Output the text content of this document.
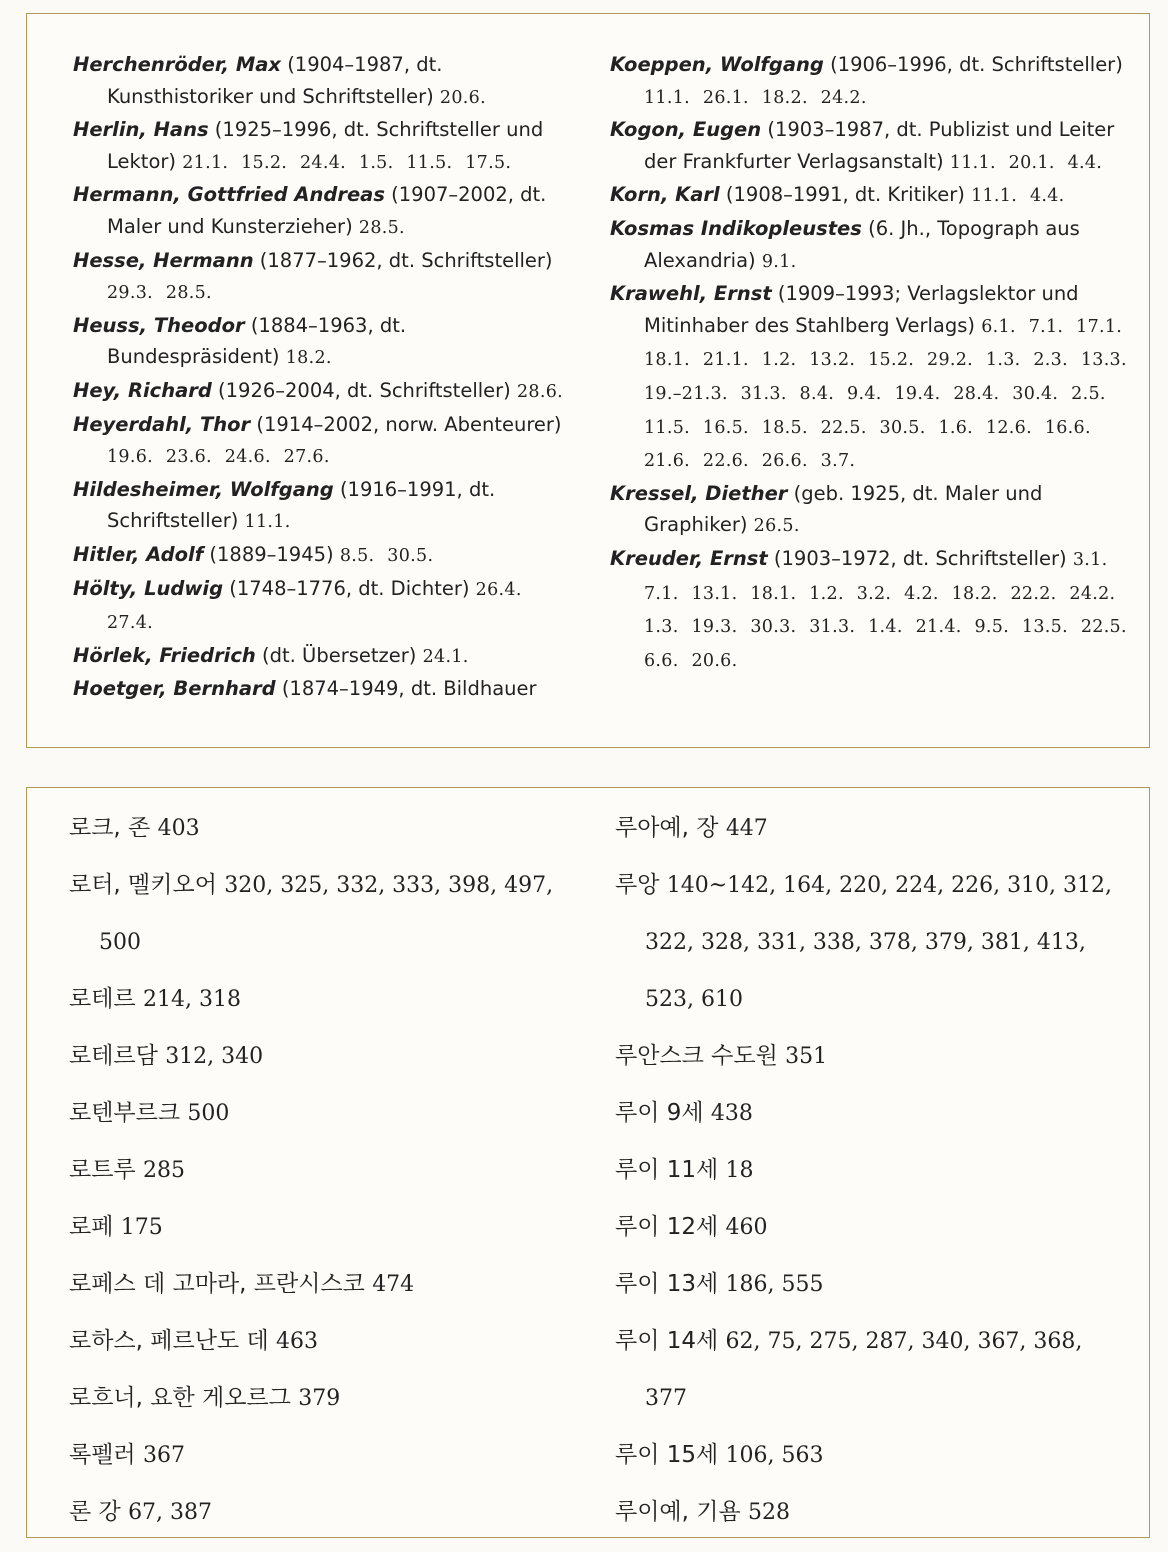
Herchenröder, Max (1904–1987, dt. Kunsthistoriker und Schriftsteller) 20.6.

Herlin, Hans (1925–1996, dt. Schriftsteller und Lektor) 21.1. 15.2. 24.4. 1.5. 11.5. 17.5.

Hermann, Gottfried Andreas (1907–2002, dt. Maler und Kunsterzieher) 28.5.

Hesse, Hermann (1877–1962, dt. Schriftsteller) 29.3. 28.5.

Heuss, Theodor (1884–1963, dt. Bundespräsident) 18.2.

Hey, Richard (1926–2004, dt. Schriftsteller) 28.6.

Heyerdahl, Thor (1914–2002, norw. Abenteurer) 19.6. 23.6. 24.6. 27.6.

Hildesheimer, Wolfgang (1916–1991, dt. Schriftsteller) 11.1.

Hitler, Adolf (1889–1945) 8.5. 30.5.

Hölty, Ludwig (1748–1776, dt. Dichter) 26.4. 27.4.

Hörlek, Friedrich (dt. Übersetzer) 24.1.

Hoetger, Bernhard (1874–1949, dt. Bildhauer

Koeppen, Wolfgang (1906–1996, dt. Schriftsteller) 11.1. 26.1. 18.2. 24.2.

Kogon, Eugen (1903–1987, dt. Publizist und Leiter der Frankfurter Verlagsanstalt) 11.1. 20.1. 4.4.

Korn, Karl (1908–1991, dt. Kritiker) 11.1. 4.4.

Kosmas Indikopleustes (6. Jh., Topograph aus Alexandria) 9.1.

Krawehl, Ernst (1909–1993; Verlagslektor und Mitinhaber des Stahlberg Verlags) 6.1. 7.1. 17.1. 18.1. 21.1. 1.2. 13.2. 15.2. 29.2. 1.3. 2.3. 13.3. 19.–21.3. 31.3. 8.4. 9.4. 19.4. 28.4. 30.4. 2.5. 11.5. 16.5. 18.5. 22.5. 30.5. 1.6. 12.6. 16.6. 21.6. 22.6. 26.6. 3.7.

Kressel, Diether (geb. 1925, dt. Maler und Graphiker) 26.5.

Kreuder, Ernst (1903–1972, dt. Schriftsteller) 3.1. 7.1. 13.1. 18.1. 1.2. 3.2. 4.2. 18.2. 22.2. 24.2. 1.3. 19.3. 30.3. 31.3. 1.4. 21.4. 9.5. 13.5. 22.5. 6.6. 20.6.

로크, 존 403

로터, 멜키오어 320, 325, 332, 333, 398, 497, 500

로테르 214, 318

로테르담 312, 340

로텐부르크 500

로트루 285

로페 175

로페스 데 고마라, 프란시스코 474

로하스, 페르난도 데 463

로흐너, 요한 게오르그 379

록펠러 367

론 강 67, 387

루아예, 장 447

루앙 140~142, 164, 220, 224, 226, 310, 312, 322, 328, 331, 338, 378, 379, 381, 413, 523, 610

루안스크 수도원 351

루이 9세 438

루이 11세 18

루이 12세 460

루이 13세 186, 555

루이 14세 62, 75, 275, 287, 340, 367, 368, 377

루이 15세 106, 563

루이예, 기욤 528
